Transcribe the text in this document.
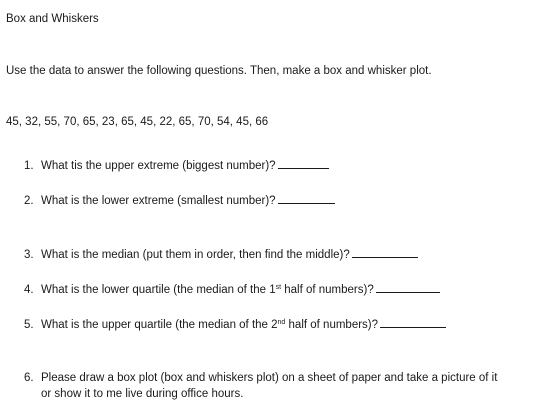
Box and Whiskers
Use the data to answer the following questions. Then, make a box and whisker plot.
45, 32, 55, 70, 65, 23, 65, 45, 22, 65, 70, 54, 45, 66
1. What tis the upper extreme (biggest number)?
2. What is the lower extreme (smallest number)?
3. What is the median (put them in order, then find the middle)?
4. What is the lower quartile (the median of the 1st half of numbers)?
5. What is the upper quartile (the median of the 2nd half of numbers)?
6. Please draw a box plot (box and whiskers plot) on a sheet of paper and take a picture of it
or show it to me live during office hours.
